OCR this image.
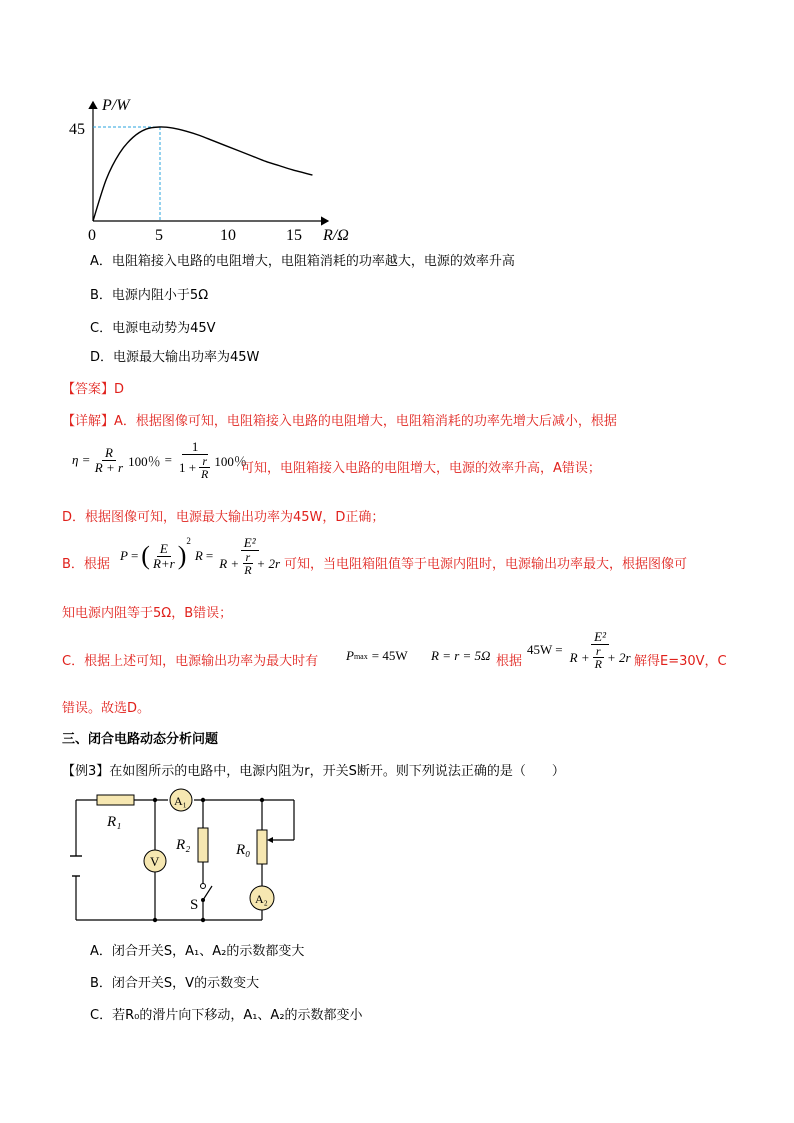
P/W
45
0	5	10	15 R/Ω
A．电阻箱接入电路的电阻增大，电阻箱消耗的功率越大，电源的效率升高
B．电源内阻小于5Ω
C．电源电动势为45V
D．电源最大输出功率为45W
【答案】D
【详解】A．根据图像可知，电阻箱接入电路的电阻增大，电阻箱消耗的功率先增大后减小，根据
$\eta = \frac{R}{R + r} 100$％ = $\frac{1}{1 + \frac{r}{R}} 100$％
可知，电阻箱接入电路的电阻增大，电源的效率升高，A错误；
D．根据图像可知，电源最大输出功率为45W，D正确；
B．根据
P = ( $\frac{E}{R+r}$ )
$^2$
$R = \frac{\text{E²}}{R + \frac{r}{R} + 2r}$ 可知，当电阻箱阻值等于电源内阻时，电源输出功率最大，根据图像可
知电源内阻等于5Ω，B错误；
C．根据上述可知，电源输出功率为最大时有 P max = 45W R = r = 5Ω 根据
$45W = \frac{\text{E²}}{R + \frac{r}{R} + 2r}$ 解得E=30V，C
错误。故选D。
三、闭合电路动态分析问题
【例3】在如图所示的电路中，电源内阻为r，开关S断开。则下列说法正确的是（　　）
R₁
R₂	R₀
S
A₁
V
A₂
A．闭合开关S，A₁、A₂的示数都变大
B．闭合开关S，V的示数变大
C．若R₀的滑片向下移动，A₁、A₂的示数都变小
